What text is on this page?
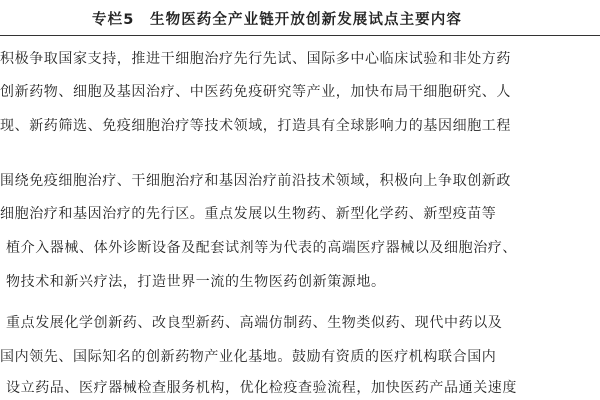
专栏5　生物医药全产业链开放创新发展试点主要内容
积极争取国家支持，推进干细胞治疗先行先试、国际多中心临床试验和非处方药
创新药物、细胞及基因治疗、中医药免疫研究等产业，加快布局干细胞研究、人
现、新药筛选、免疫细胞治疗等技术领域，打造具有全球影响力的基因细胞工程
围绕免疫细胞治疗、干细胞治疗和基因治疗前沿技术领域，积极向上争取创新政
细胞治疗和基因治疗的先行区。重点发展以生物药、新型化学药、新型疫苗等
植介入器械、体外诊断设备及配套试剂等为代表的高端医疗器械以及细胞治疗、
物技术和新兴疗法，打造世界一流的生物医药创新策源地。
重点发展化学创新药、改良型新药、高端仿制药、生物类似药、现代中药以及
国内领先、国际知名的创新药物产业化基地。鼓励有资质的医疗机构联合国内
设立药品、医疗器械检查服务机构，优化检疫查验流程，加快医药产品通关速度
